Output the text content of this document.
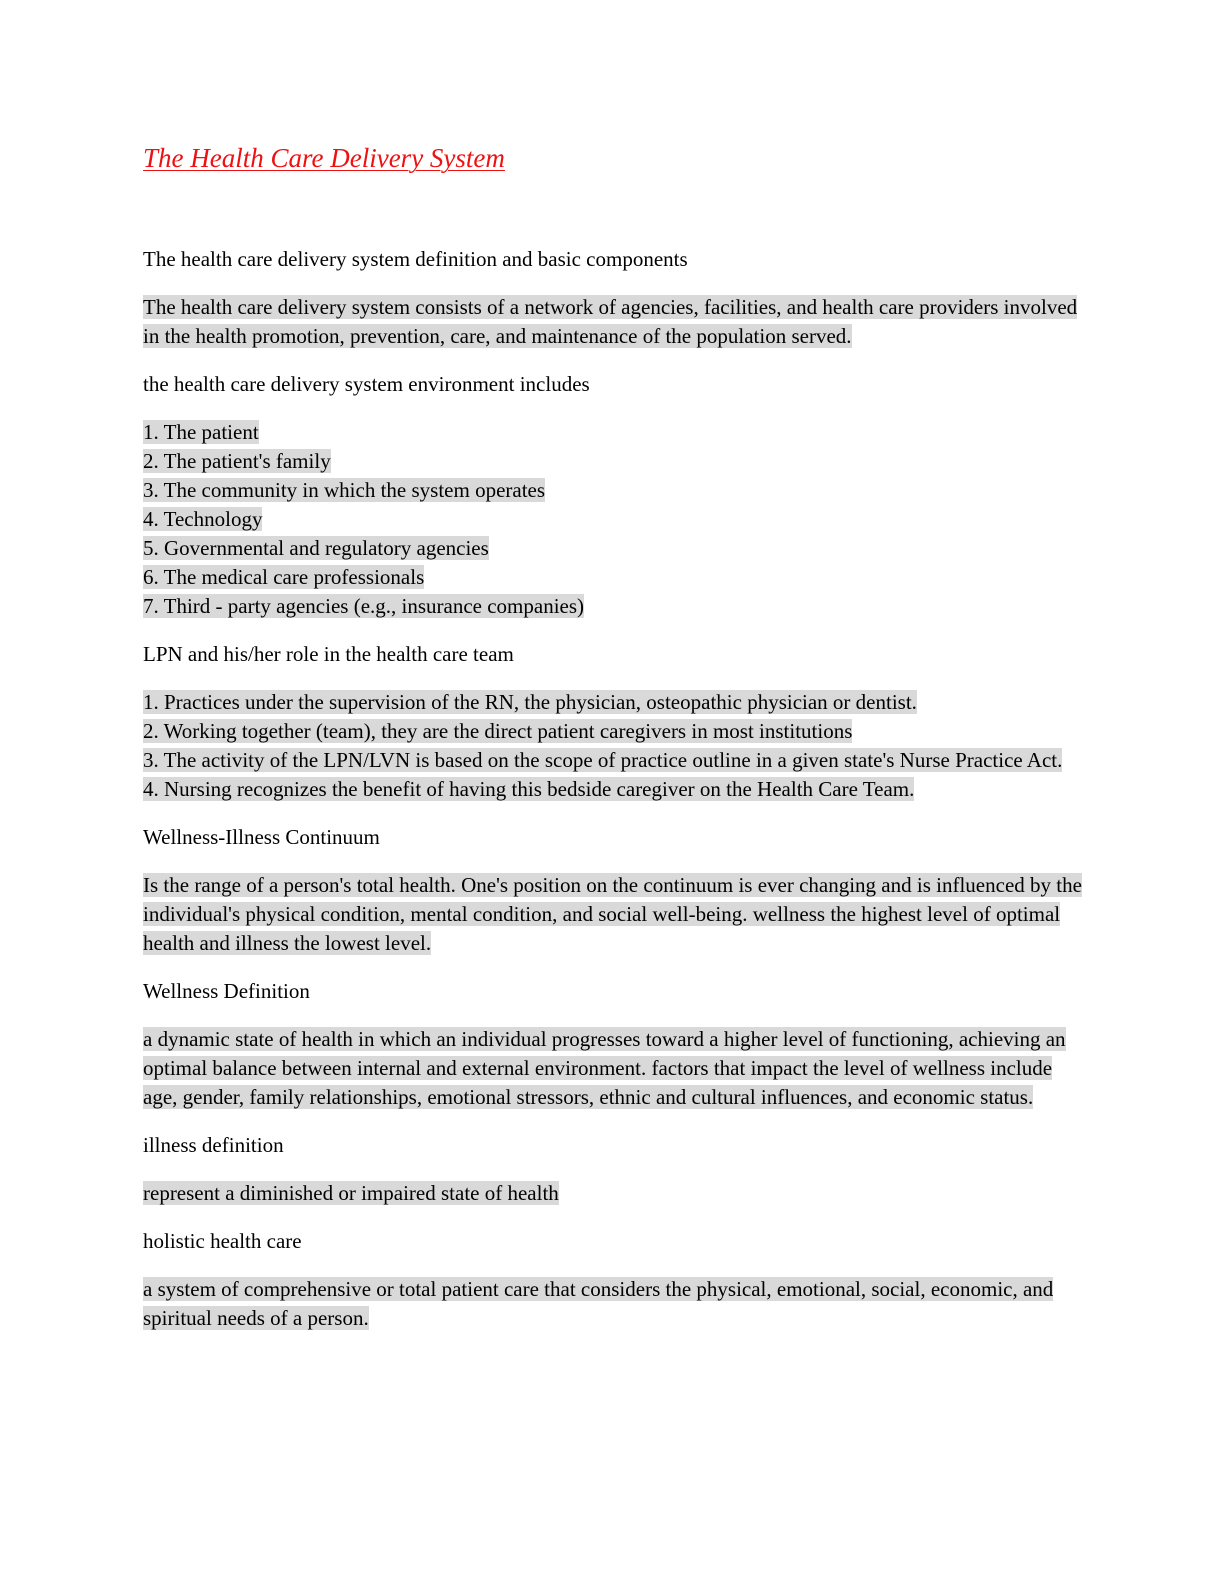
The Health Care Delivery System
The health care delivery system definition and basic components
The health care delivery system consists of a network of agencies, facilities, and health care providers involved in the health promotion, prevention, care, and maintenance of the population served.
the health care delivery system environment includes
1. The patient
2. The patient's family
3. The community in which the system operates
4. Technology
5. Governmental and regulatory agencies
6. The medical care professionals
7. Third - party agencies (e.g., insurance companies)
LPN and his/her role in the health care team
1. Practices under the supervision of the RN, the physician, osteopathic physician or dentist.
2. Working together (team), they are the direct patient caregivers in most institutions
3. The activity of the LPN/LVN is based on the scope of practice outline in a given state's Nurse Practice Act.
4. Nursing recognizes the benefit of having this bedside caregiver on the Health Care Team.
Wellness-Illness Continuum
Is the range of a person's total health. One's position on the continuum is ever changing and is influenced by the individual's physical condition, mental condition, and social well-being. wellness the highest level of optimal health and illness the lowest level.
Wellness Definition
a dynamic state of health in which an individual progresses toward a higher level of functioning, achieving an optimal balance between internal and external environment. factors that impact the level of wellness include age, gender, family relationships, emotional stressors, ethnic and cultural influences, and economic status.
illness definition
represent a diminished or impaired state of health
holistic health care
a system of comprehensive or total patient care that considers the physical, emotional, social, economic, and spiritual needs of a person.
